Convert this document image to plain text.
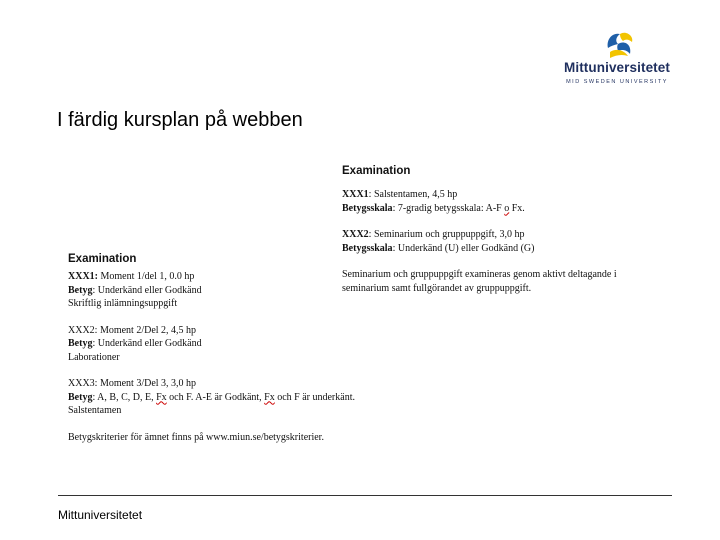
Mittuniversitetet
MID SWEDEN UNIVERSITY
I färdig kursplan på webben
Examination
XXX1: Moment 1/del 1, 0.0 hp
Betyg: Underkänd eller Godkänd
Skriftlig inlämningsuppgift
XXX2: Moment 2/Del 2, 4,5 hp
Betyg: Underkänd eller Godkänd
Laborationer
XXX3: Moment 3/Del 3, 3,0 hp
Betyg: A, B, C, D, E, Fx och F. A-E är Godkänt, Fx och F är underkänt.
Salstentamen
Betygskriterier för ämnet finns på www.miun.se/betygskriterier.
Examination
XXX1: Salstentamen, 4,5 hp
Betygsskala: 7-gradig betygsskala: A-F o Fx.
XXX2: Seminarium och gruppuppgift, 3,0 hp
Betygsskala: Underkänd (U) eller Godkänd (G)
Seminarium och gruppuppgift examineras genom aktivt deltagande i
seminarium samt fullgörandet av gruppuppgift.
Mittuniversitetet
